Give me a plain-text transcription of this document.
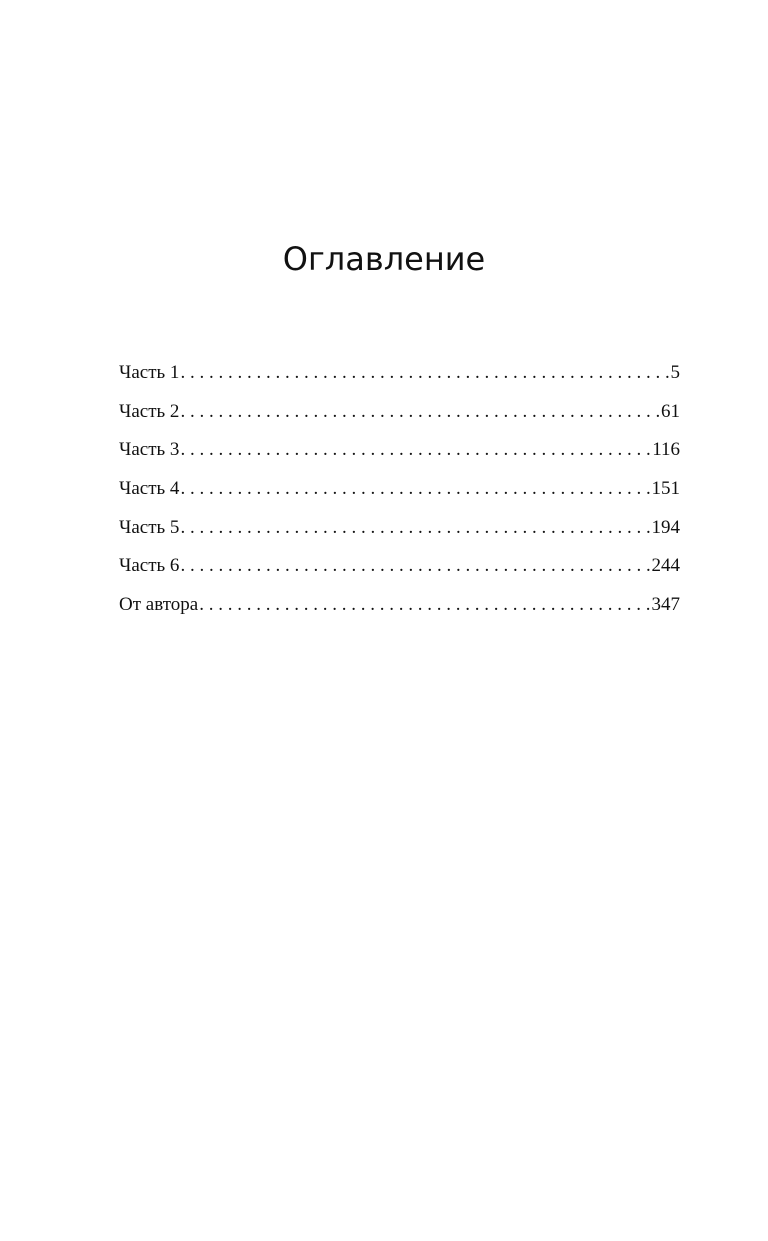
Оглавление
Часть 1 . . .	5
Часть 2 . . .	61
Часть 3 . . .	116
Часть 4 . . .	151
Часть 5 . . .	194
Часть 6 . . .	244
От автора . . .	347
